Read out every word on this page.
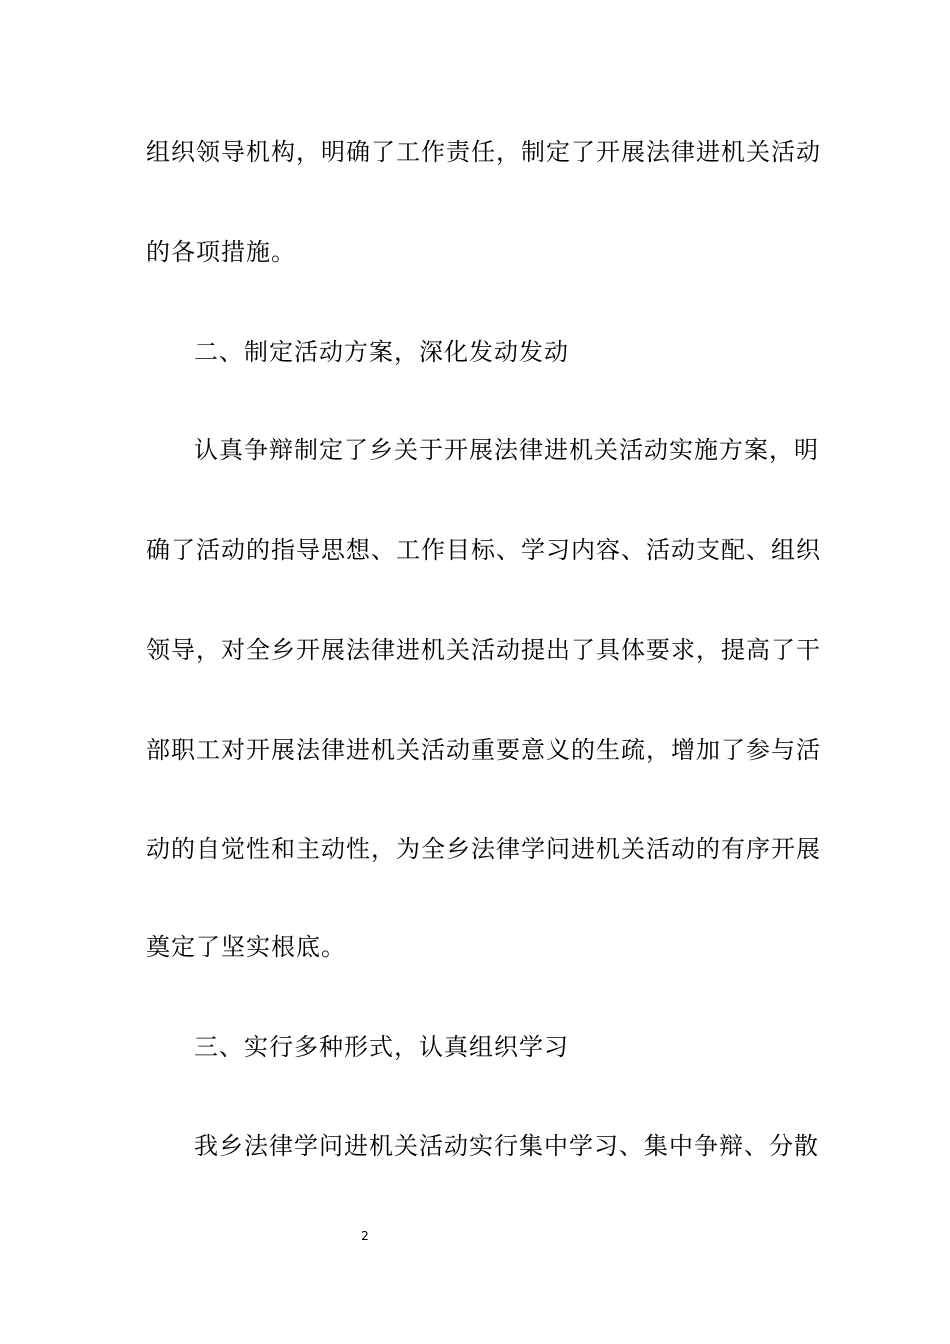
组织领导机构，明确了工作责任，制定了开展法律进机关活动
的各项措施。
二、制定活动方案，深化发动发动
认真争辩制定了乡关于开展法律进机关活动实施方案，明
确了活动的指导思想、工作目标、学习内容、活动支配、组织
领导，对全乡开展法律进机关活动提出了具体要求，提高了干
部职工对开展法律进机关活动重要意义的生疏，增加了参与活
动的自觉性和主动性，为全乡法律学问进机关活动的有序开展
奠定了坚实根底。
三、实行多种形式，认真组织学习
我乡法律学问进机关活动实行集中学习、集中争辩、分散
2
